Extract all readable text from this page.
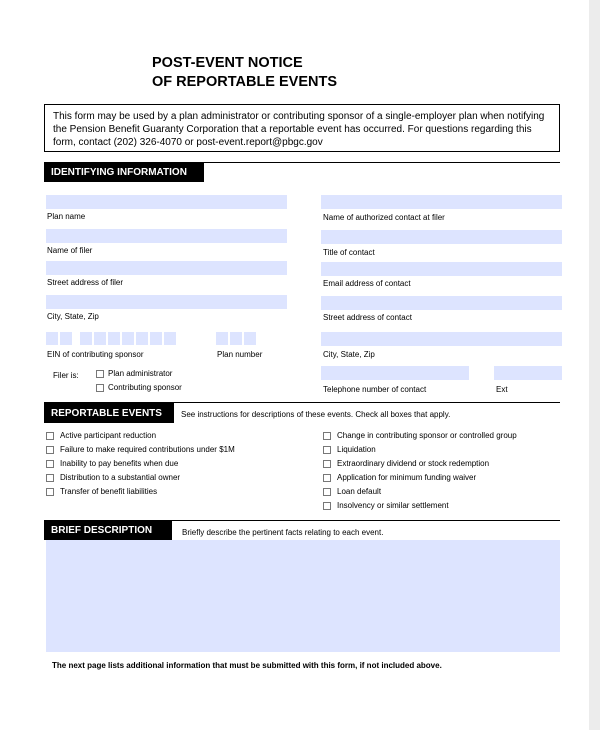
POST-EVENT NOTICE
OF REPORTABLE EVENTS
This form may be used by a plan administrator or contributing sponsor of a single-employer plan when notifying
the Pension Benefit Guaranty Corporation that a reportable event has occurred. For questions regarding this
form, contact (202) 326-4070 or post-event.report@pbgc.gov
IDENTIFYING INFORMATION
Plan name
Name of filer
Street address of filer
City, State, Zip
EIN of contributing sponsor	Plan number
Filer is:	Plan administrator
Contributing sponsor
Name of authorized contact at filer
Title of contact
Email address of contact
Street address of contact
City, State, Zip
Telephone number of contact	Ext
REPORTABLE EVENTS	See instructions for descriptions of these events. Check all boxes that apply.
Active participant reduction
Failure to make required contributions under $1M
Inability to pay benefits when due
Distribution to a substantial owner
Transfer of benefit liabilities
Change in contributing sponsor or controlled group
Liquidation
Extraordinary dividend or stock redemption
Application for minimum funding waiver
Loan default
Insolvency or similar settlement
BRIEF DESCRIPTION	Briefly describe the pertinent facts relating to each event.
The next page lists additional information that must be submitted with this form, if not included above.
